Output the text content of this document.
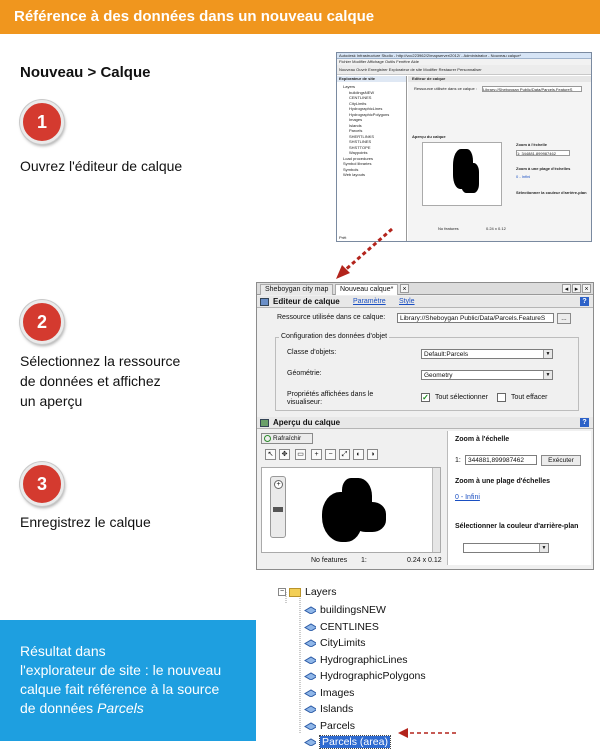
Référence à des données dans un nouveau calque
Nouveau > Calque
1
Ouvrez l'éditeur de calque
2
Sélectionnez la ressource
de données et affichez
un aperçu
3
Enregistrez le calque
Résultat dans
l'explorateur de site : le nouveau
calque fait référence à la source
de données Parcels
Autodesk Infrastructure Studio - http://vcc223962/2/mapserver/2012/ - Administrator - Nouveau calque*
Fichier Modifier Affichage Outils Fenêtre Aide
Nouveau Ouvrir Enregistrer Explorateur de site Modifier Restaurer Personnaliser
Explorateur de site
Layers
buildingsNEW
CENTLINES
CityLimits
HydrographicLines
HydrographicPolygons
Images
Islands
Parcels
SHERTLINKS
SHSTLINES
SHSTTOPE
Waypoints
Load procedures
Symbol libraries
Symbols
Web layouts
Prêt
Editeur de calque
Ressource utilisée dans ce calque : Library://Sheboygan Public/Data/Parcels.FeatureS
Aperçu du calque
Zoom à l'échelle
1: 344881.899987462
Zoom à une plage d'échelles
0 - Infini
Sélectionner la couleur d'arrière-plan
No features	0.24 x 0.12
Sheboygan city map	Nouveau calque*	×	◂ ▸ ×
Editeur de calque Paramètre Style	?
Ressource utilisée dans ce calque:	Library://Sheboygan Public/Data/Parcels.FeatureS	...
Configuration des données d'objet
Classe d'objets:	Default:Parcels	▼
Géométrie:	Geometry	▼
Propriétés affichées dans le
visualiseur:
✓ Tout sélectionner	Tout effacer
Aperçu du calque	?
Rafraîchir
↖	✥	▭	+	−	⤢	◐	◑
+
No features 1:	0.24 x 0.12
Zoom à l'échelle
1:	344881,899987462	Exécuter
Zoom à une plage d'échelles
0 - Infini
Sélectionner la couleur d'arrière-plan
▼
− Layers
buildingsNEW
CENTLINES
CityLimits
HydrographicLines
HydrographicPolygons
Images
Islands
Parcels
Parcels (area)
